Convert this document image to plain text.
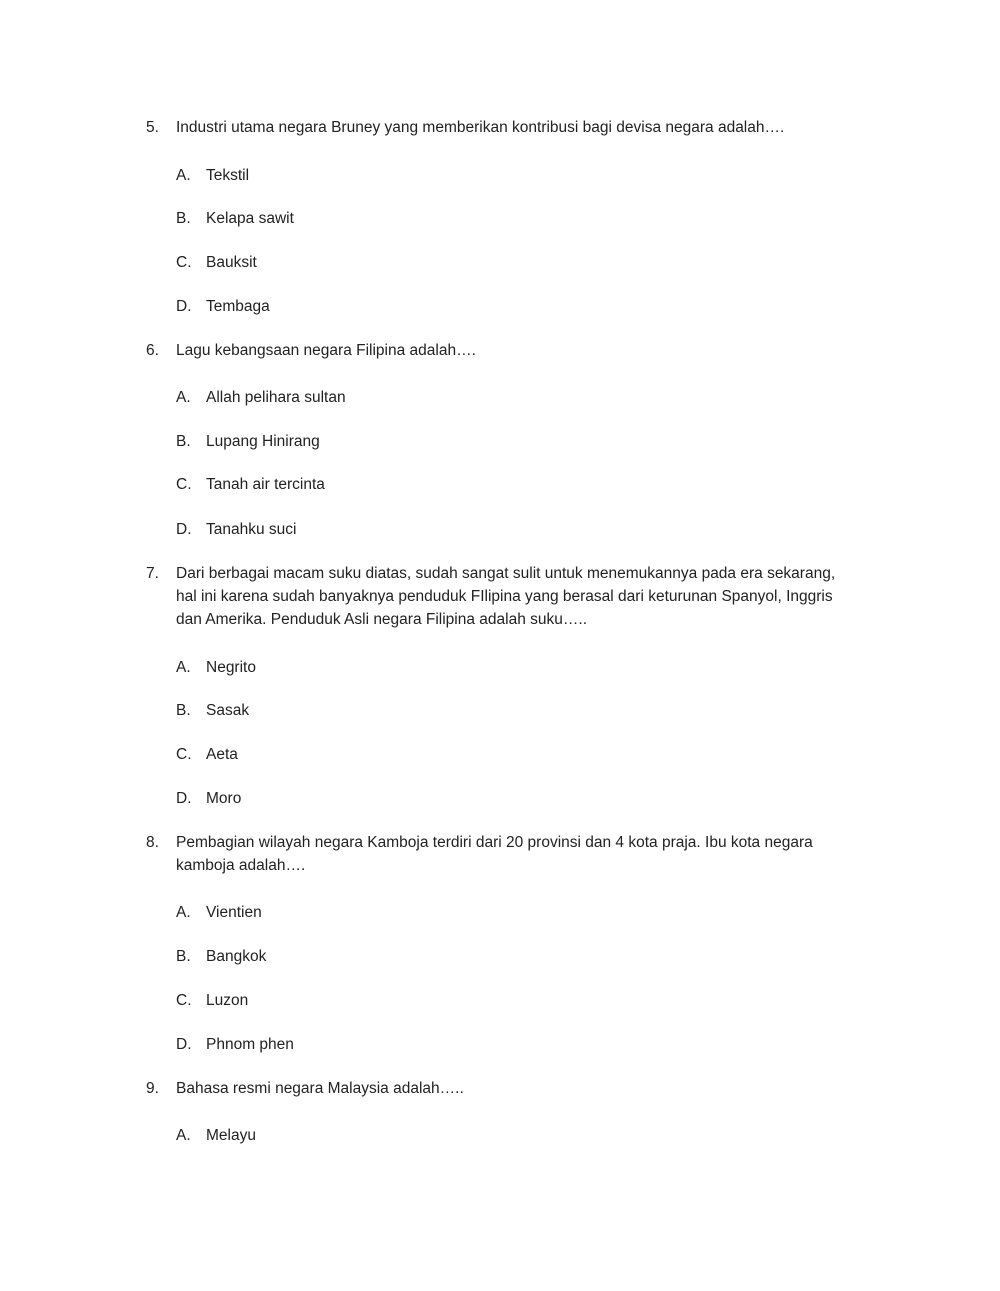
5. Industri utama negara Bruney yang memberikan kontribusi bagi devisa negara adalah….
A. Tekstil
B. Kelapa sawit
C. Bauksit
D. Tembaga
6. Lagu kebangsaan negara Filipina adalah….
A. Allah pelihara sultan
B. Lupang Hinirang
C. Tanah air tercinta
D. Tanahku suci
7. Dari berbagai macam suku diatas, sudah sangat sulit untuk menemukannya pada era sekarang,
hal ini karena sudah banyaknya penduduk FIlipina yang berasal dari keturunan Spanyol, Inggris
dan Amerika. Penduduk Asli negara Filipina adalah suku…..
A. Negrito
B. Sasak
C. Aeta
D. Moro
8. Pembagian wilayah negara Kamboja terdiri dari 20 provinsi dan 4 kota praja. Ibu kota negara
kamboja adalah….
A. Vientien
B. Bangkok
C. Luzon
D. Phnom phen
9. Bahasa resmi negara Malaysia adalah…..
A. Melayu
